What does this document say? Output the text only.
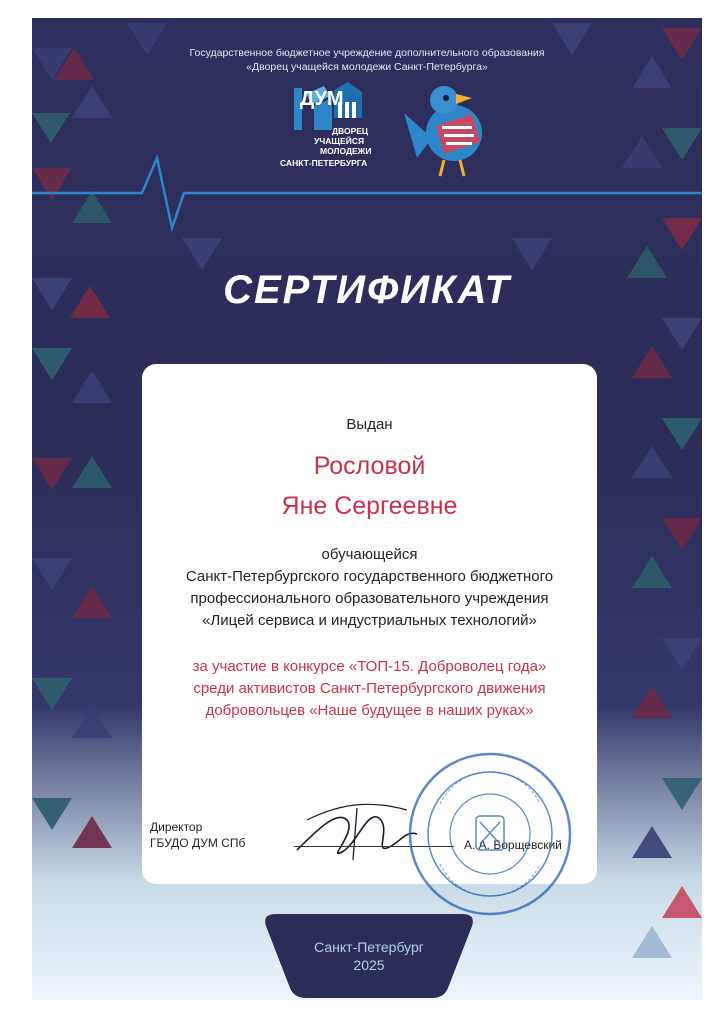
Государственное бюджетное учреждение дополнительного образования
«Дворец учащейся молодежи Санкт-Петербурга»
ДУМ
ДВОРЕЦ
УЧАЩЕЙСЯ
МОЛОДЕЖИ
САНКТ-ПЕТЕРБУРГА
СЕРТИФИКАТ
Выдан
Рословой
Яне Сергеевне
обучающейся
Санкт-Петербургского государственного бюджетного
профессионального образовательного учреждения
«Лицей сервиса и индустриальных технологий»
за участие в конкурсе «ТОП-15. Доброволец года»
среди активистов Санкт-Петербургского движения
добровольцев «Наше будущее в наших руках»
Директор
ГБУДО ДУМ СПб	А. А. Борщевский
Санкт-Петербург
2025
